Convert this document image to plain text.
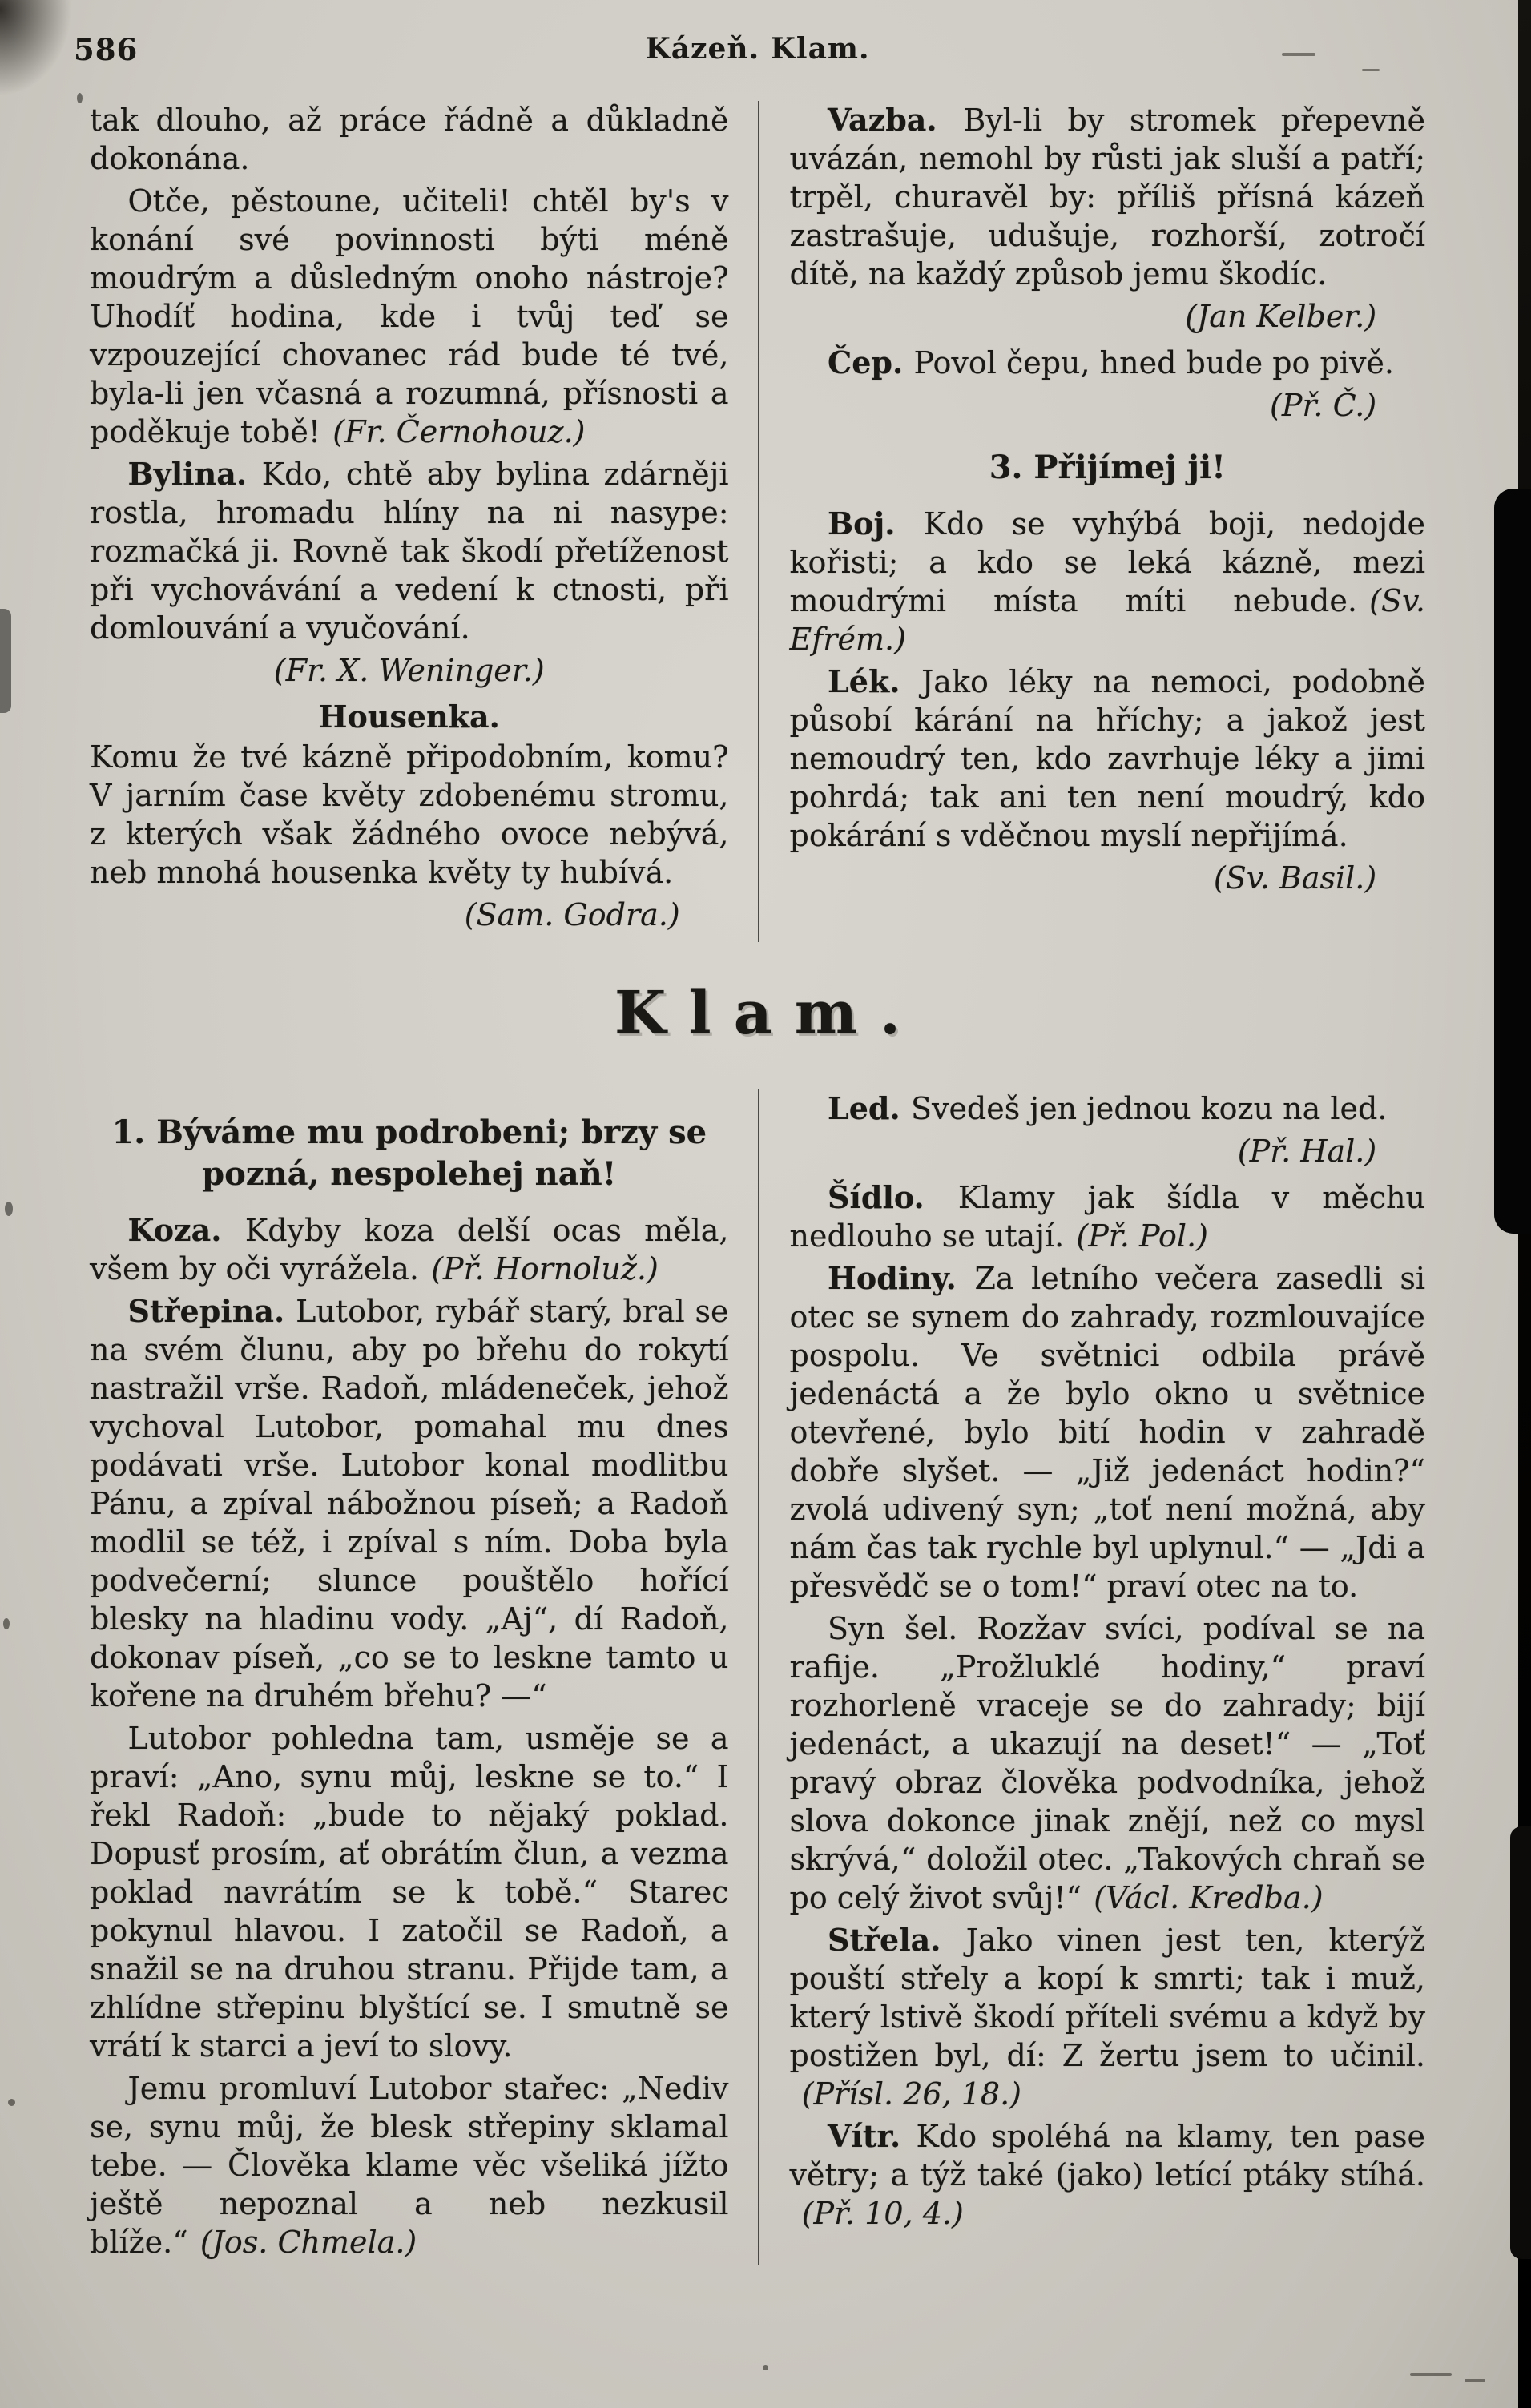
586	Kázeň. Klam.

tak dlouho, až práce řádně a důkladně dokonána.

Otče, pěstoune, učiteli! chtěl by's v konání své povinnosti býti méně moudrým a důsledným onoho nástroje? Uhodíť hodina, kde i tvůj teď se vzpouzející chovanec rád bude té tvé, byla-li jen včasná a rozumná, přísnosti a poděkuje tobě! (Fr. Černohouz.)

Bylina. Kdo, chtě aby bylina zdárněji rostla, hromadu hlíny na ni nasype: rozmačká ji. Rovně tak škodí přetíženost při vychovávání a vedení k ctnosti, při domlouvání a vyučování.

(Fr. X. Weninger.)
Housenka.

Komu že tvé kázně připodobním, komu? V jarním čase květy zdobenému stromu, z kterých však žádného ovoce nebývá, neb mnohá housenka květy ty hubívá.

(Sam. Godra.)

Vazba. Byl-li by stromek přepevně uvázán, nemohl by růsti jak sluší a patří; trpěl, churavěl by: příliš přísná kázeň zastrašuje, udušuje, rozhorší, zotročí dítě, na každý způsob jemu škodíc.

(Jan Kelber.)

Čep. Povol čepu, hned bude po pivě.

(Př. Č.)
3. Přijímej ji!

Boj. Kdo se vyhýbá boji, nedojde kořisti; a kdo se leká kázně, mezi moudrými místa míti nebude. (Sv. Efrém.)

Lék. Jako léky na nemoci, podobně působí kárání na hříchy; a jakož jest nemoudrý ten, kdo zavrhuje léky a jimi pohrdá; tak ani ten není moudrý, kdo pokárání s vděčnou myslí nepřijímá.

(Sv. Basil.)
Klam.
1. Býváme mu podrobeni; brzy se pozná, nespolehej naň!

Koza. Kdyby koza delší ocas měla, všem by oči vyrážela. (Př. Hornoluž.)

Střepina. Lutobor, rybář starý, bral se na svém člunu, aby po břehu do rokytí nastražil vrše. Radoň, mládeneček, jehož vychoval Lutobor, pomahal mu dnes podávati vrše. Lutobor konal modlitbu Pánu, a zpíval nábožnou píseň; a Radoň modlil se též, i zpíval s ním. Doba byla podvečerní; slunce pouštělo hořící blesky na hladinu vody. „Aj“, dí Radoň, dokonav píseň, „co se to leskne tamto u kořene na druhém břehu? —“

Lutobor pohledna tam, usměje se a praví: „Ano, synu můj, leskne se to.“ I řekl Radoň: „bude to nějaký poklad. Dopusť prosím, ať obrátím člun, a vezma poklad navrátím se k tobě.“ Starec pokynul hlavou. I zatočil se Radoň, a snažil se na druhou stranu. Přijde tam, a zhlídne střepinu blyštící se. I smutně se vrátí k starci a jeví to slovy.

Jemu promluví Lutobor stařec: „Nediv se, synu můj, že blesk střepiny sklamal tebe. — Člověka klame věc všeliká jížto ještě nepoznal a neb nezkusil blíže.“ (Jos. Chmela.)

Led. Svedeš jen jednou kozu na led.

(Př. Hal.)

Šídlo. Klamy jak šídla v měchu nedlouho se utají. (Př. Pol.)

Hodiny. Za letního večera zasedli si otec se synem do zahrady, rozmlouvajíce pospolu. Ve světnici odbila právě jedenáctá a že bylo okno u světnice otevřené, bylo bití hodin v zahradě dobře slyšet. — „Již jedenáct hodin?“ zvolá udivený syn; „toť není možná, aby nám čas tak rychle byl uplynul.“ — „Jdi a přesvědč se o tom!“ praví otec na to.

Syn šel. Rozžav svíci, podíval se na rafije. „Prožluklé hodiny,“ praví rozhorleně vraceje se do zahrady; bijí jedenáct, a ukazují na deset!“ — „Toť pravý obraz člověka podvodníka, jehož slova dokonce jinak znějí, než co mysl skrývá,“ doložil otec. „Takových chraň se po celý život svůj!“ (Václ. Kredba.)

Střela. Jako vinen jest ten, kterýž pouští střely a kopí k smrti; tak i muž, který lstivě škodí příteli svému a když by postižen byl, dí: Z žertu jsem to učinil.(Přísl. 26, 18.)

Vítr. Kdo spoléhá na klamy, ten pase větry; a týž také (jako) letící ptáky stíhá.(Př. 10, 4.)
